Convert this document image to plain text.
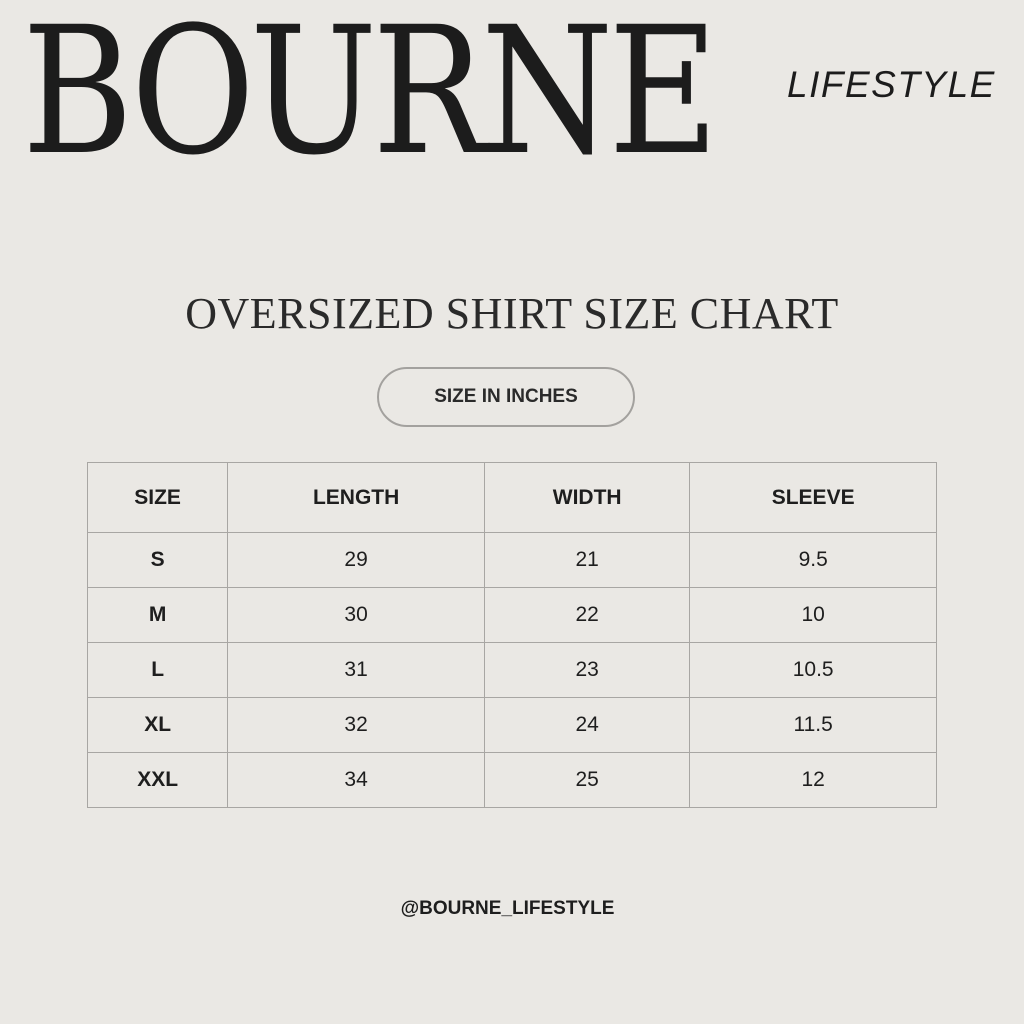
BOURNE LIFESTYLE
OVERSIZED SHIRT SIZE CHART
SIZE IN INCHES
SIZE	LENGTH	WIDTH	SLEEVE
S	29	21	9.5
M	30	22	10
L	31	23	10.5
XL	32	24	11.5
XXL	34	25	12
@BOURNE_LIFESTYLE
